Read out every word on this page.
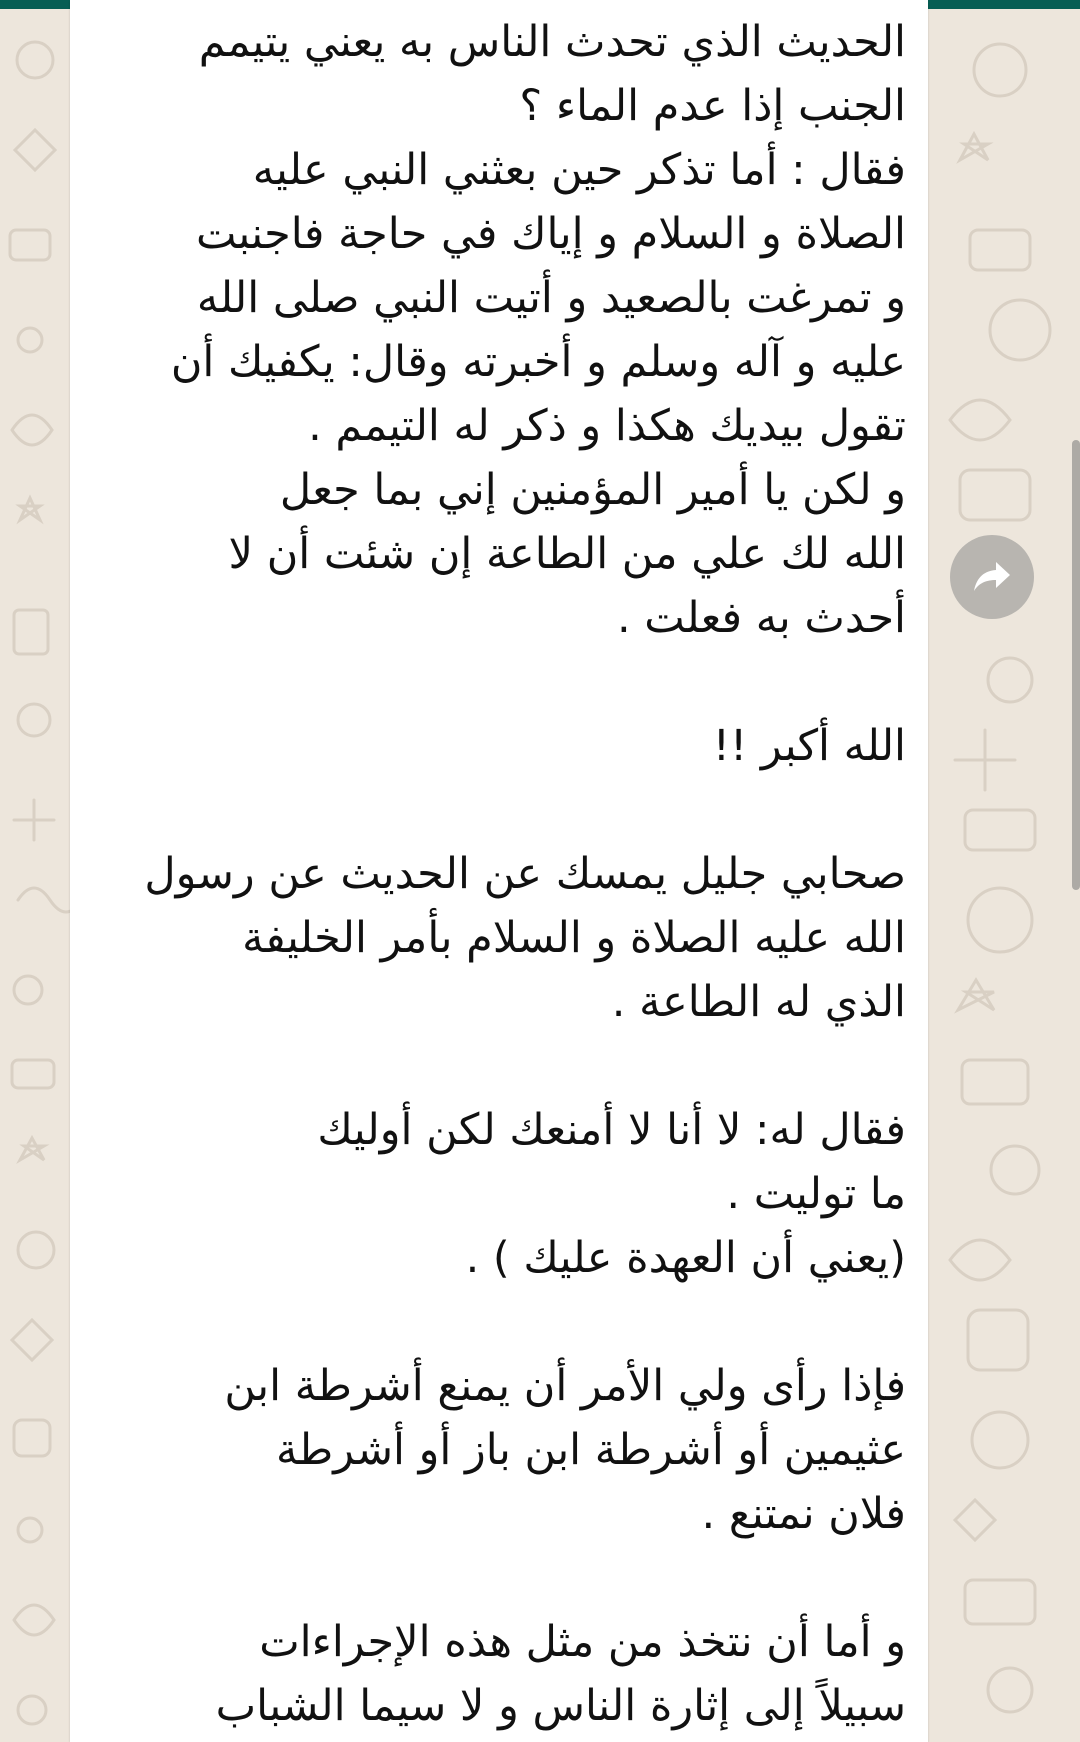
الحديث الذي تحدث الناس به يعني يتيمم
الجنب إذا عدم الماء ؟
فقال : أما تذكر حين بعثني النبي عليه
الصلاة و السلام و إياك في حاجة فاجنبت
و تمرغت بالصعيد و أتيت النبي صلى الله
عليه و آله وسلم و أخبرته وقال: يكفيك أن
تقول بيديك هكذا و ذكر له التيمم .
و لكن يا أمير المؤمنين إني بما جعل
الله لك علي من الطاعة إن شئت أن لا
أحدث به فعلت .

الله أكبر !!

صحابي جليل يمسك عن الحديث عن رسول
الله عليه الصلاة و السلام بأمر الخليفة
الذي له الطاعة .

فقال له: لا أنا لا أمنعك لكن أوليك
ما توليت .
(يعني أن العهدة عليك ) .

فإذا رأى ولي الأمر أن يمنع أشرطة ابن
عثيمين أو أشرطة ابن باز أو أشرطة
فلان نمتنع .

و أما أن نتخذ من مثل هذه الإجراءات
سبيلاً إلى إثارة الناس و لا سيما الشباب
